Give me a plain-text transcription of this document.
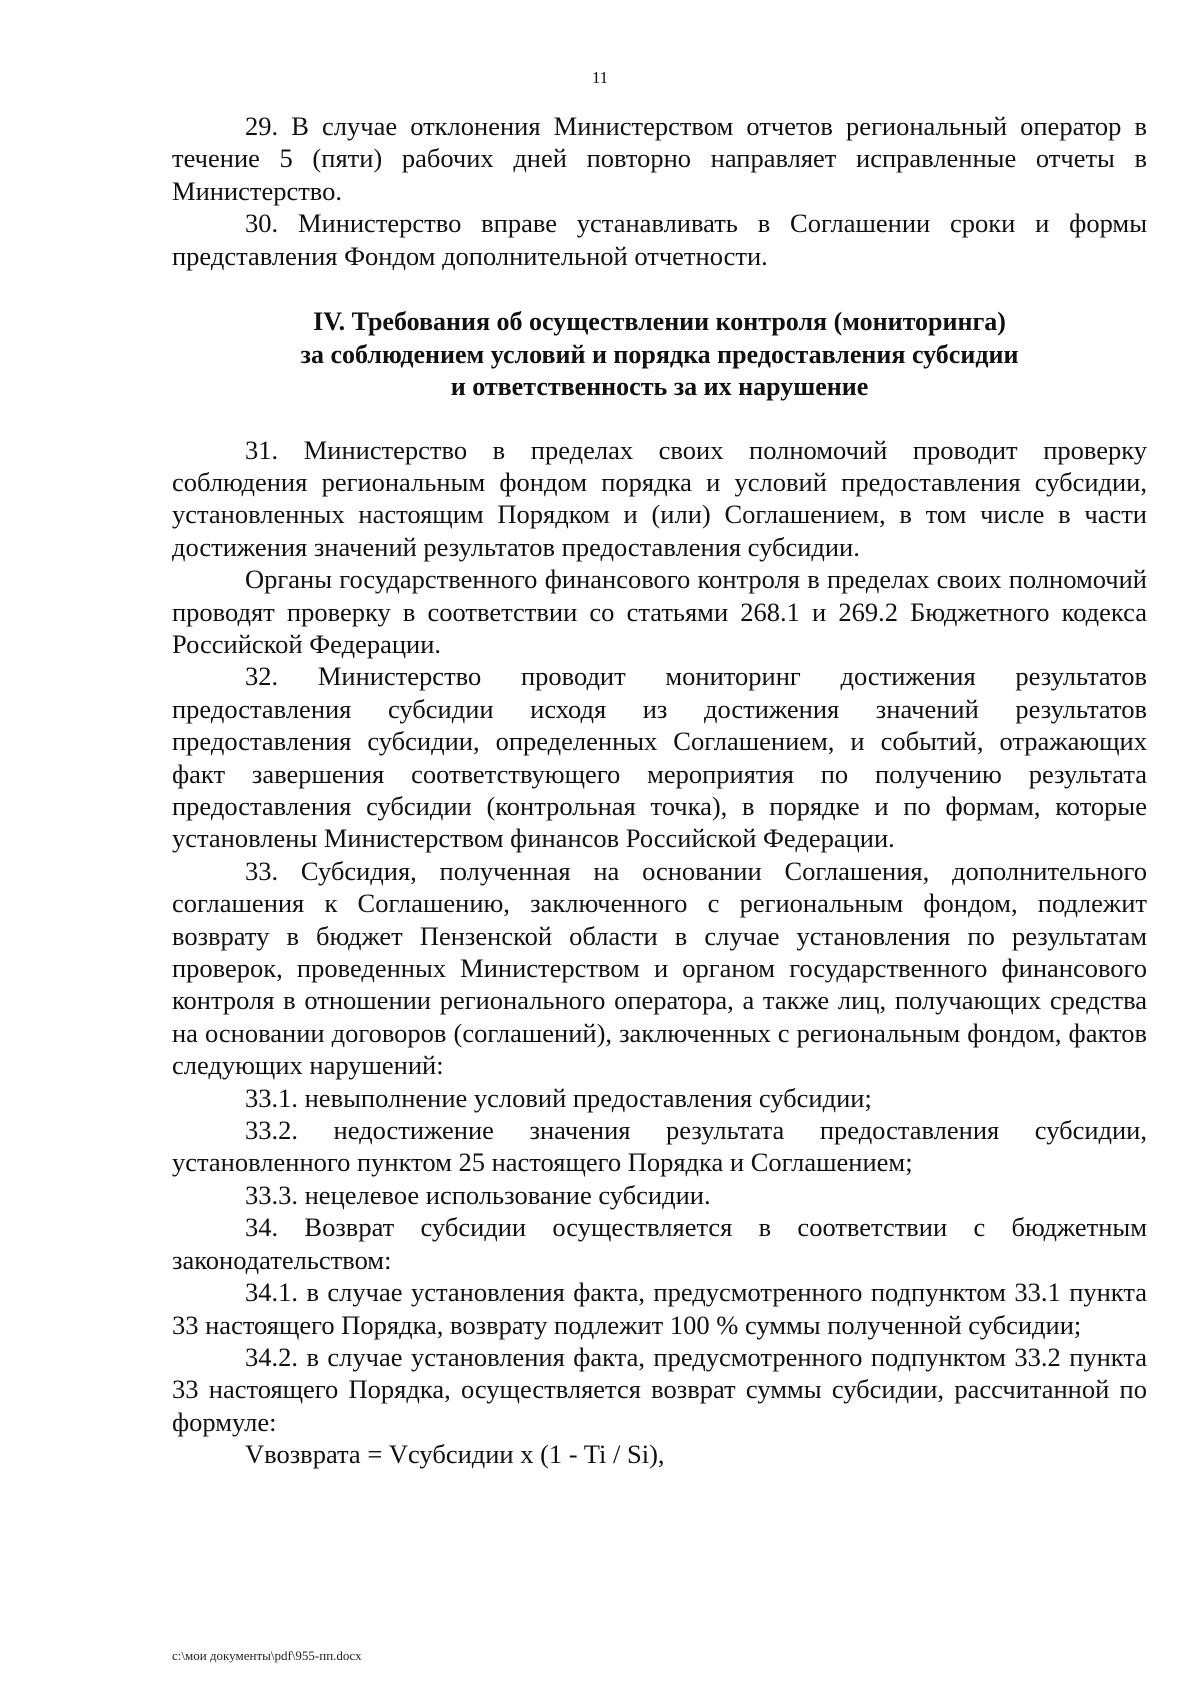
11

29. В случае отклонения Министерством отчетов региональный оператор в течение 5 (пяти) рабочих дней повторно направляет исправленные отчеты в Министерство.

30. Министерство вправе устанавливать в Соглашении сроки и формы представления Фондом дополнительной отчетности.

IV. Требования об осуществлении контроля (мониторинга)
за соблюдением условий и порядка предоставления субсидии
и ответственность за их нарушение

31. Министерство в пределах своих полномочий проводит проверку соблюдения региональным фондом порядка и условий предоставления субсидии, установленных настоящим Порядком и (или) Соглашением, в том числе в части достижения значений результатов предоставления субсидии.

Органы государственного финансового контроля в пределах своих полномочий проводят проверку в соответствии со статьями 268.1 и 269.2 Бюджетного кодекса Российской Федерации.

32. Министерство проводит мониторинг достижения результатов предоставления субсидии исходя из достижения значений результатов предоставления субсидии, определенных Соглашением, и событий, отражающих факт завершения соответствующего мероприятия по получению результата предоставления субсидии (контрольная точка), в порядке и по формам, которые установлены Министерством финансов Российской Федерации.

33. Субсидия, полученная на основании Соглашения, дополнительного соглашения к Соглашению, заключенного с региональным фондом, подлежит возврату в бюджет Пензенской области в случае установления по результатам проверок, проведенных Министерством и органом государственного финансового контроля в отношении регионального оператора, а также лиц, получающих средства на основании договоров (соглашений), заключенных с региональным фондом, фактов следующих нарушений:

33.1. невыполнение условий предоставления субсидии;

33.2. недостижение значения результата предоставления субсидии, установленного пунктом 25 настоящего Порядка и Соглашением;

33.3. нецелевое использование субсидии.

34. Возврат субсидии осуществляется в соответствии с бюджетным законодательством:

34.1. в случае установления факта, предусмотренного подпунктом 33.1 пункта 33 настоящего Порядка, возврату подлежит 100 % суммы полученной субсидии;

34.2. в случае установления факта, предусмотренного подпунктом 33.2 пункта 33 настоящего Порядка, осуществляется возврат суммы субсидии, рассчитанной по формуле:

Vвозврата = Vсубсидии x (1 - Ti / Si),

c:\мои документы\pdf\955-пп.docx
